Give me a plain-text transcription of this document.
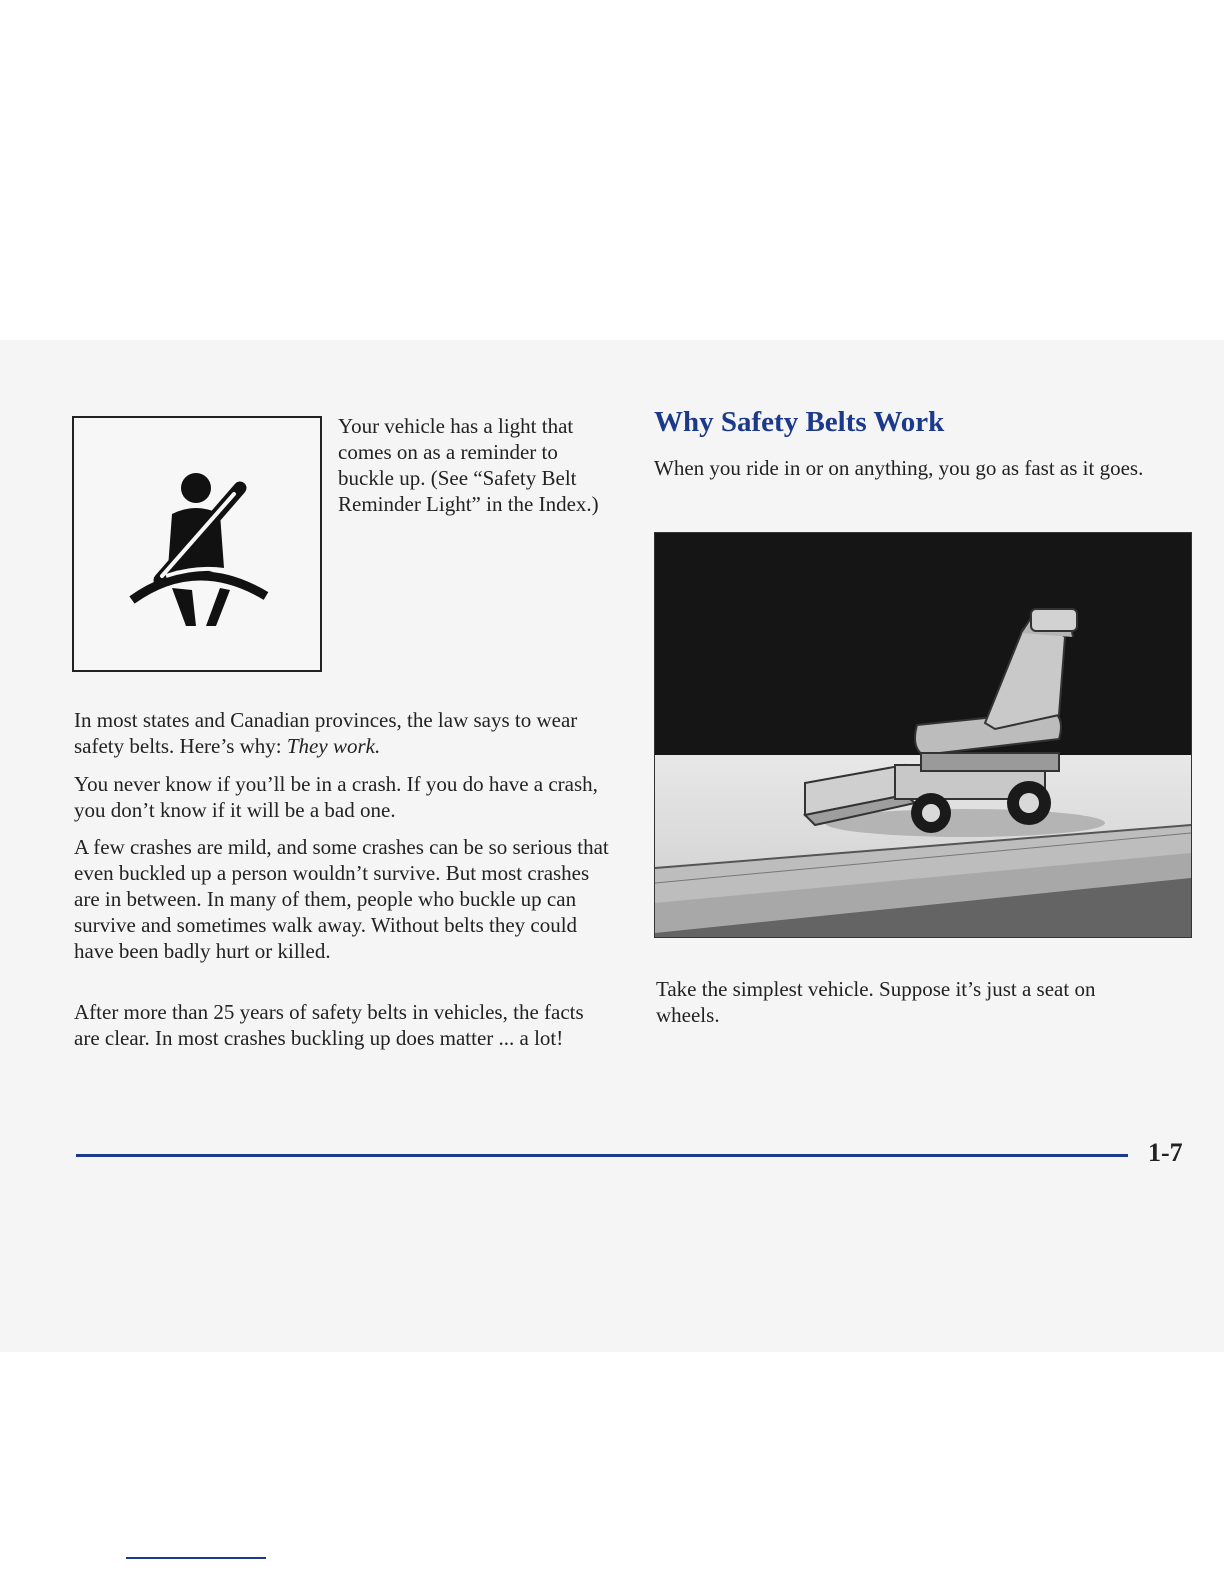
Your vehicle has a light that comes on as a reminder to buckle up. (See “Safety Belt Reminder Light” in the Index.)

In most states and Canadian provinces, the law says to wear safety belts. Here’s why: They work.

You never know if you’ll be in a crash. If you do have a crash, you don’t know if it will be a bad one.

A few crashes are mild, and some crashes can be so serious that even buckled up a person wouldn’t survive. But most crashes are in between. In many of them, people who buckle up can survive and sometimes walk away. Without belts they could have been badly hurt or killed.

After more than 25 years of safety belts in vehicles, the facts are clear. In most crashes buckling up does matter ... a lot!

Why Safety Belts Work

When you ride in or on anything, you go as fast as it goes.

Take the simplest vehicle. Suppose it’s just a seat on wheels.

1-7
